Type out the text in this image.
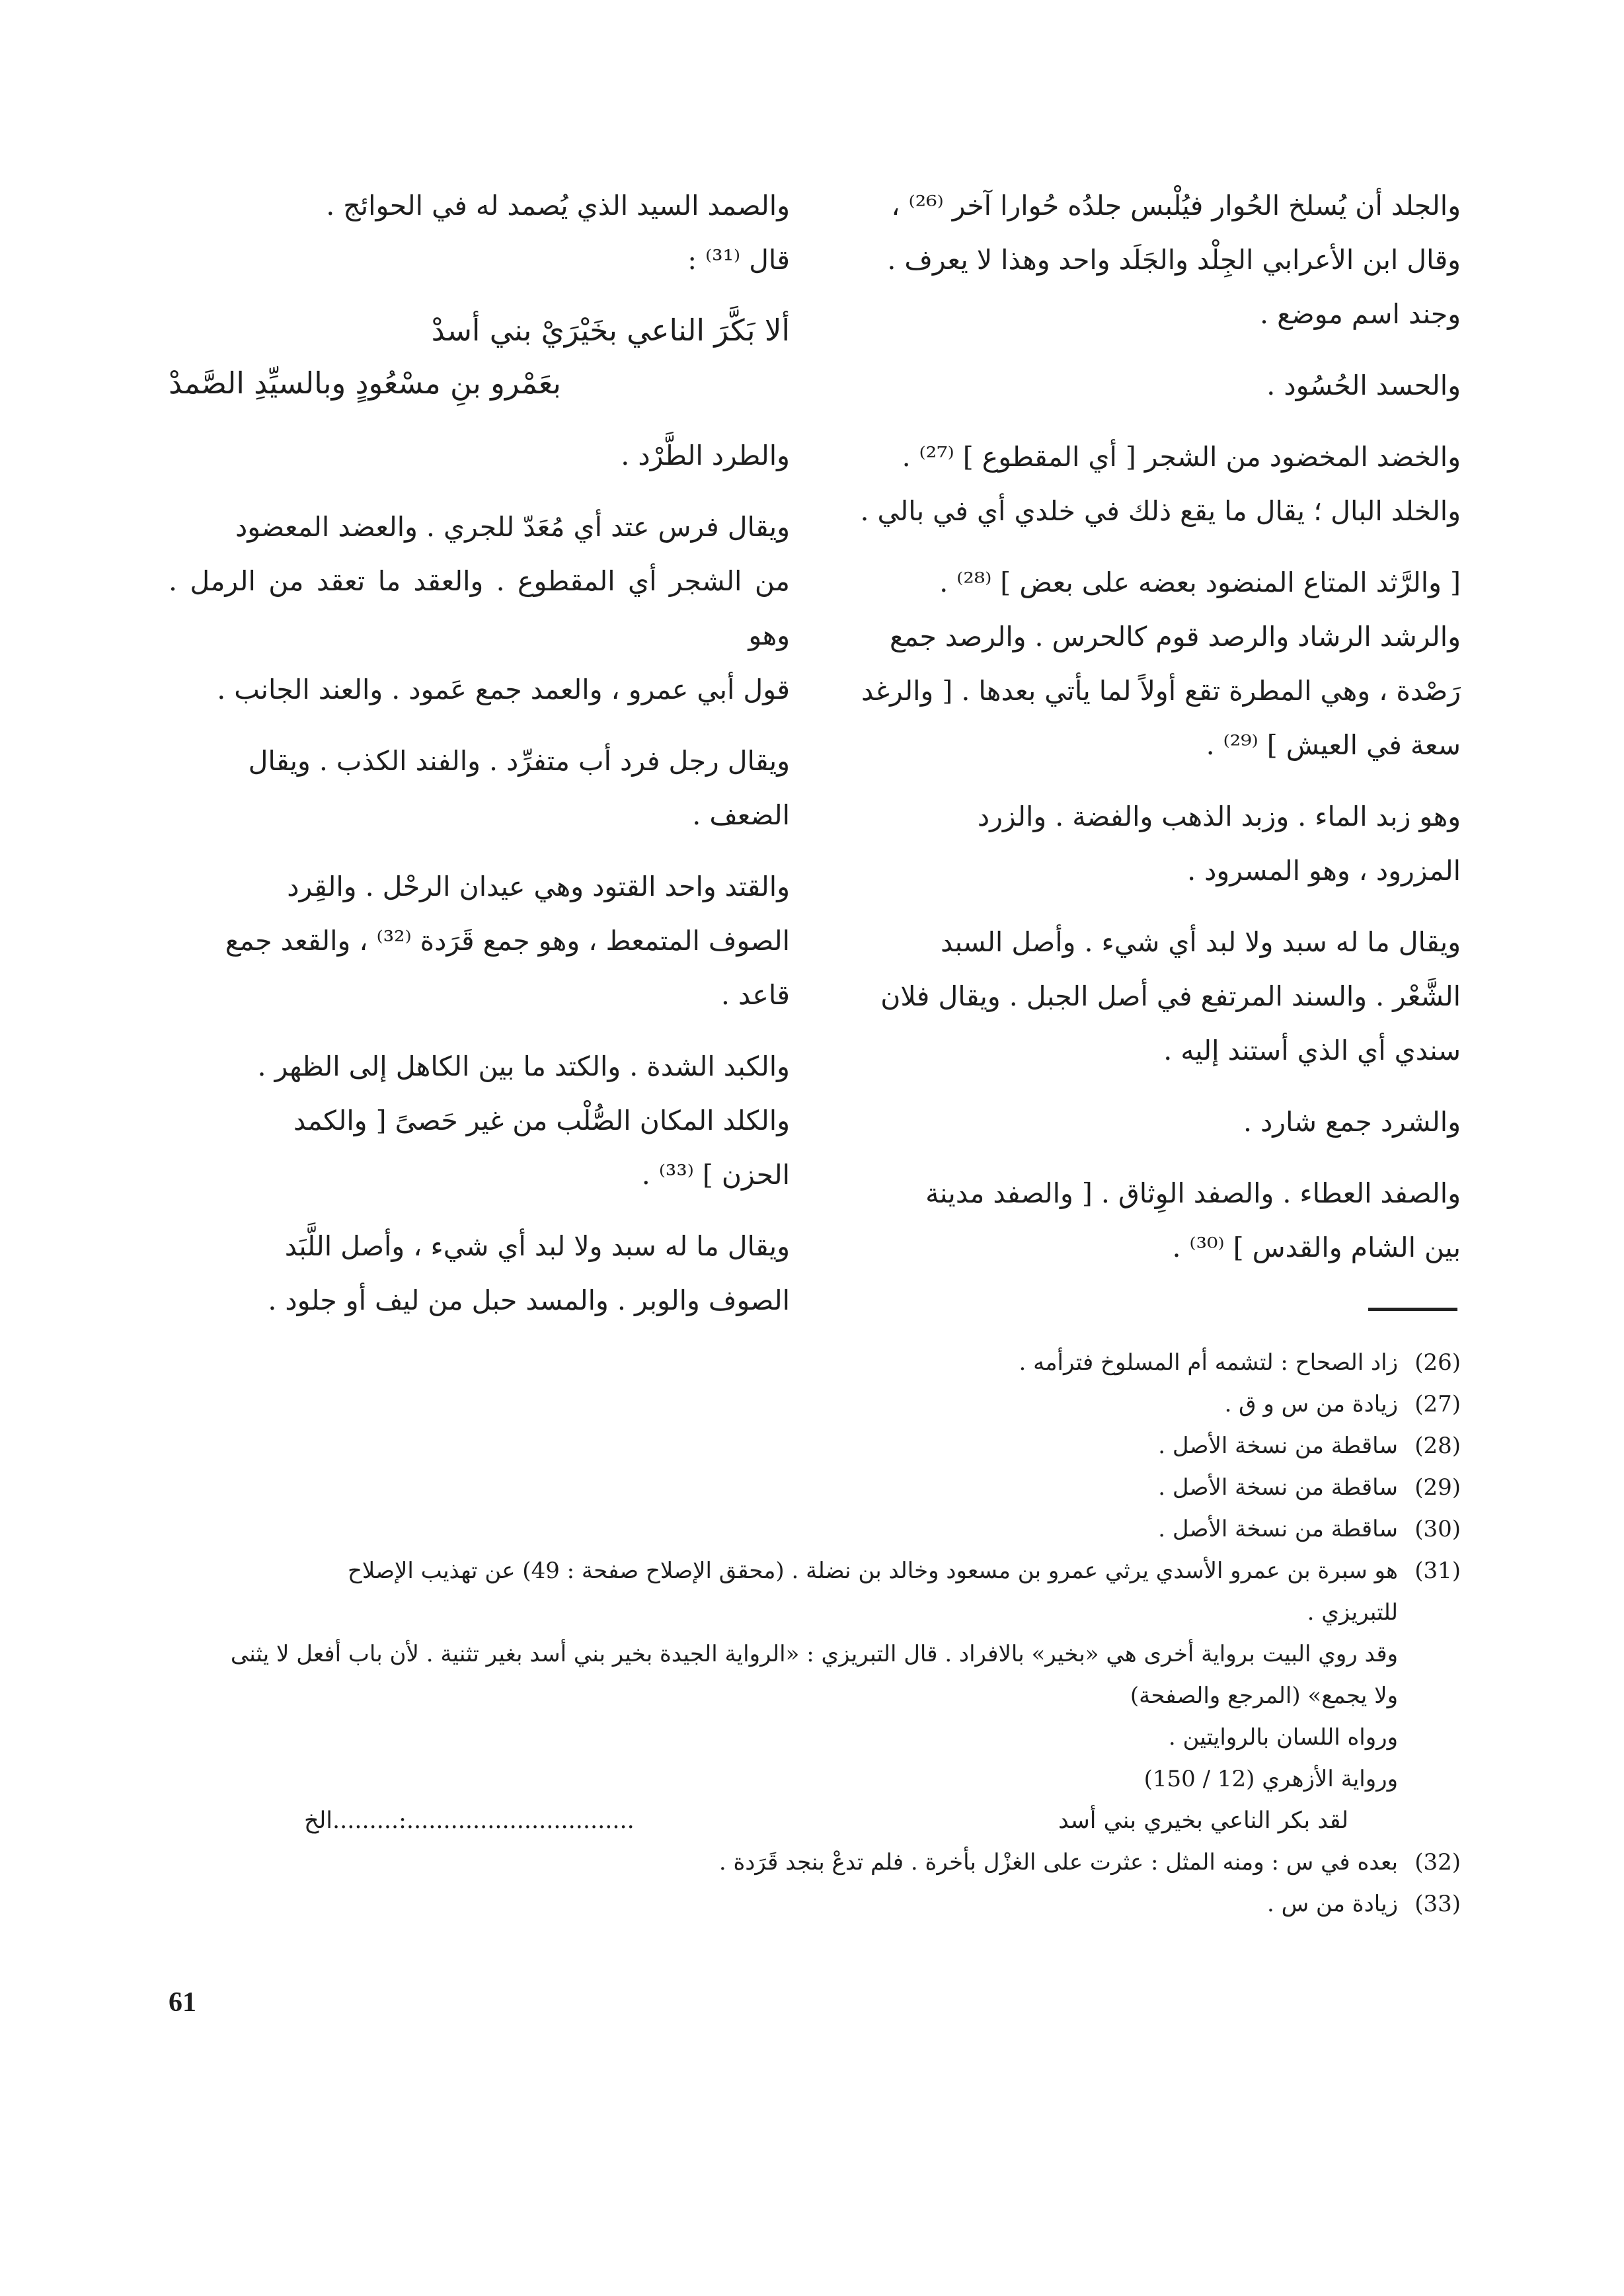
والجلد أن يُسلخ الحُوار فيُلْبس جلدُه حُوارا آخر ⁽²⁶⁾ ،

وقال ابن الأعرابي الجِلْد والجَلَد واحد وهذا لا يعرف .

وجند اسم موضع .

والحسد الحُسُود .

والخضد المخضود من الشجر [ أي المقطوع ] ⁽²⁷⁾ .

والخلد البال ؛ يقال ما يقع ذلك في خلدي أي في بالي .

[ والرَّثد المتاع المنضود بعضه على بعض ] ⁽²⁸⁾ .

والرشد الرشاد والرصد قوم كالحرس . والرصد جمع

رَصْدة ، وهي المطرة تقع أولاً لما يأتي بعدها . [ والرغد

سعة في العيش ] ⁽²⁹⁾ .

وهو زبد الماء . وزبد الذهب والفضة . والزرد

المزرود ، وهو المسرود .

ويقال ما له سبد ولا لبد أي شيء . وأصل السبد

الشَّعْر . والسند المرتفع في أصل الجبل . ويقال فلان

سندي أي الذي أستند إليه .

والشرد جمع شارد .

والصفد العطاء . والصفد الوِثاق . [ والصفد مدينة

بين الشام والقدس ] ⁽³⁰⁾ .

والصمد السيد الذي يُصمد له في الحوائج .

قال ⁽³¹⁾ :

ألا بَكَّرَ الناعي بخَيْرَيْ بني أسدْ

بعَمْرو بنِ مسْعُودٍ وبالسيِّدِ الصَّمدْ

والطرد الطَّرْد .

ويقال فرس عتد أي مُعَدّ للجري . والعضد المعضود

من الشجر أي المقطوع . والعقد ما تعقد من الرمل . وهو

قول أبي عمرو ، والعمد جمع عَمود . والعند الجانب .

ويقال رجل فرد أب متفرِّد . والفند الكذب . ويقال

الضعف .

والقتد واحد القتود وهي عيدان الرحْل . والقِرد

الصوف المتمعط ، وهو جمع قَرَدة ⁽³²⁾ ، والقعد جمع

قاعد .

والكبد الشدة . والكتد ما بين الكاهل إلى الظهر .

والكلد المكان الصُّلْب من غير حَصىً [ والكمد

الحزن ] ⁽³³⁾ .

ويقال ما له سبد ولا لبد أي شيء ، وأصل اللَّبَد

الصوف والوبر . والمسد حبل من ليف أو جلود .

(26)

زاد الصحاح : لتشمه أم المسلوخ فترأمه .

(27)

زيادة من س و ق .

(28)

ساقطة من نسخة الأصل .

(29)

ساقطة من نسخة الأصل .

(30)

ساقطة من نسخة الأصل .

(31)

هو سبرة بن عمرو الأسدي يرثي عمرو بن مسعود وخالد بن نضلة . (محقق الإصلاح صفحة : 49) عن تهذيب الإصلاح

للتبريزي .

وقد روي البيت برواية أخرى هي «بخير» بالافراد . قال التبريزي : «الرواية الجيدة بخير بني أسد بغير تثنية . لأن باب أفعل لا يثنى

ولا يجمع» (المرجع والصفحة)

ورواه اللسان بالروايتين .

ورواية الأزهري (12 / 150)

لقد بكر الناعي بخيري بني أسد
...............................:.........الخ
(32)

بعده في س : ومنه المثل : عثرت على الغزْل بأخرة . فلم تدعْ بنجد قَرَدة .

(33)

زيادة من س .

61
